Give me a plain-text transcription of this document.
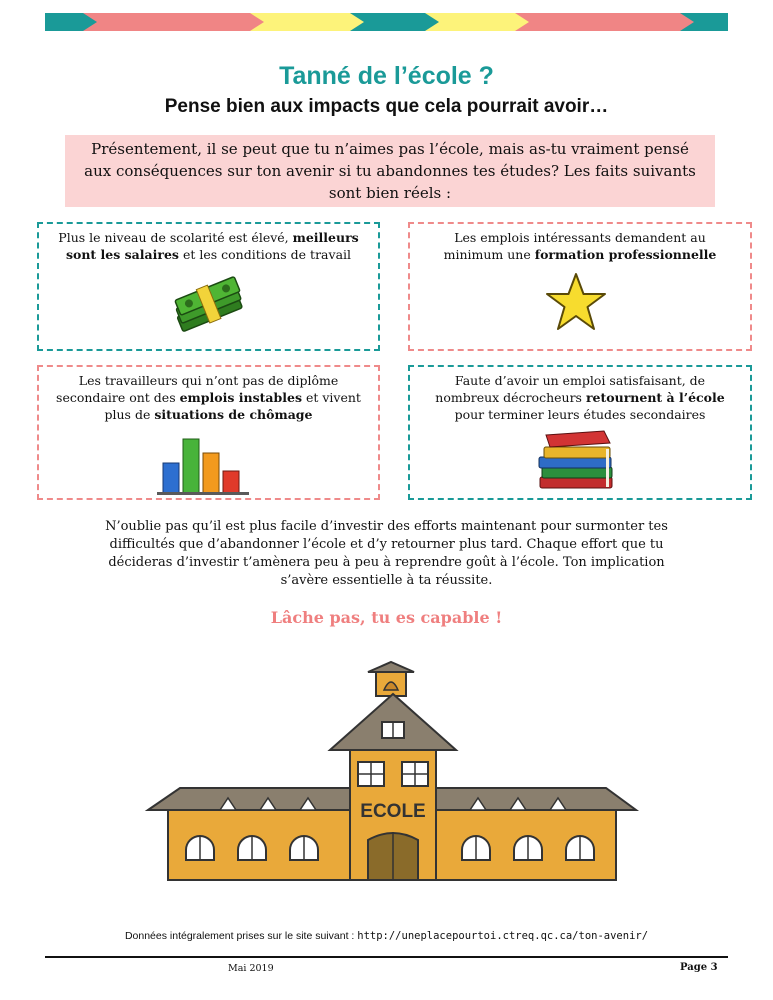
Tanné de l’école ?
Pense bien aux impacts que cela pourrait avoir…
Présentement, il se peut que tu n’aimes pas l’école, mais as-tu vraiment pensé
aux conséquences sur ton avenir si tu abandonnes tes études? Les faits suivants
sont bien réels :
Plus le niveau de scolarité est élevé, meilleurs
sont les salaires et les conditions de travail
Les emplois intéressants demandent au
minimum une formation professionnelle
Les travailleurs qui n’ont pas de diplôme
secondaire ont des emplois instables et vivent
plus de situations de chômage
Faute d’avoir un emploi satisfaisant, de
nombreux décrocheurs retournent à l’école
pour terminer leurs études secondaires
N’oublie pas qu’il est plus facile d’investir des efforts maintenant pour surmonter tes
difficultés que d’abandonner l’école et d’y retourner plus tard. Chaque effort que tu
décideras d’investir t’amènera peu à peu à reprendre goût à l’école. Ton implication
s’avère essentielle à ta réussite.
Lâche pas, tu es capable !
ECOLE
Données intégralement prises sur le site suivant : http://uneplacepourtoi.ctreq.qc.ca/ton-avenir/
Mai 2019	Page 3
